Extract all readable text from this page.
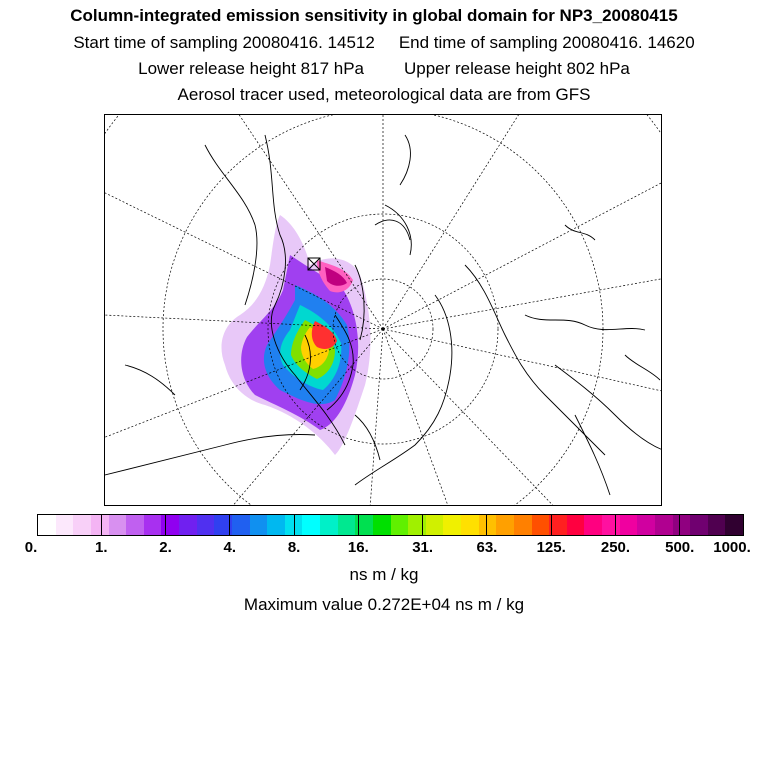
Column-integrated emission sensitivity in global domain for NP3_20080415
Start time of sampling 20080416. 14512 End time of sampling 20080416. 14620
Lower release height 817 hPa Upper release height 802 hPa
Aerosol tracer used, meteorological data are from GFS
0.	1.	2.	4.	8.	16.	31.	63.	125. 250. 500. 1000.
ns m / kg
Maximum value 0.272E+04 ns m / kg
